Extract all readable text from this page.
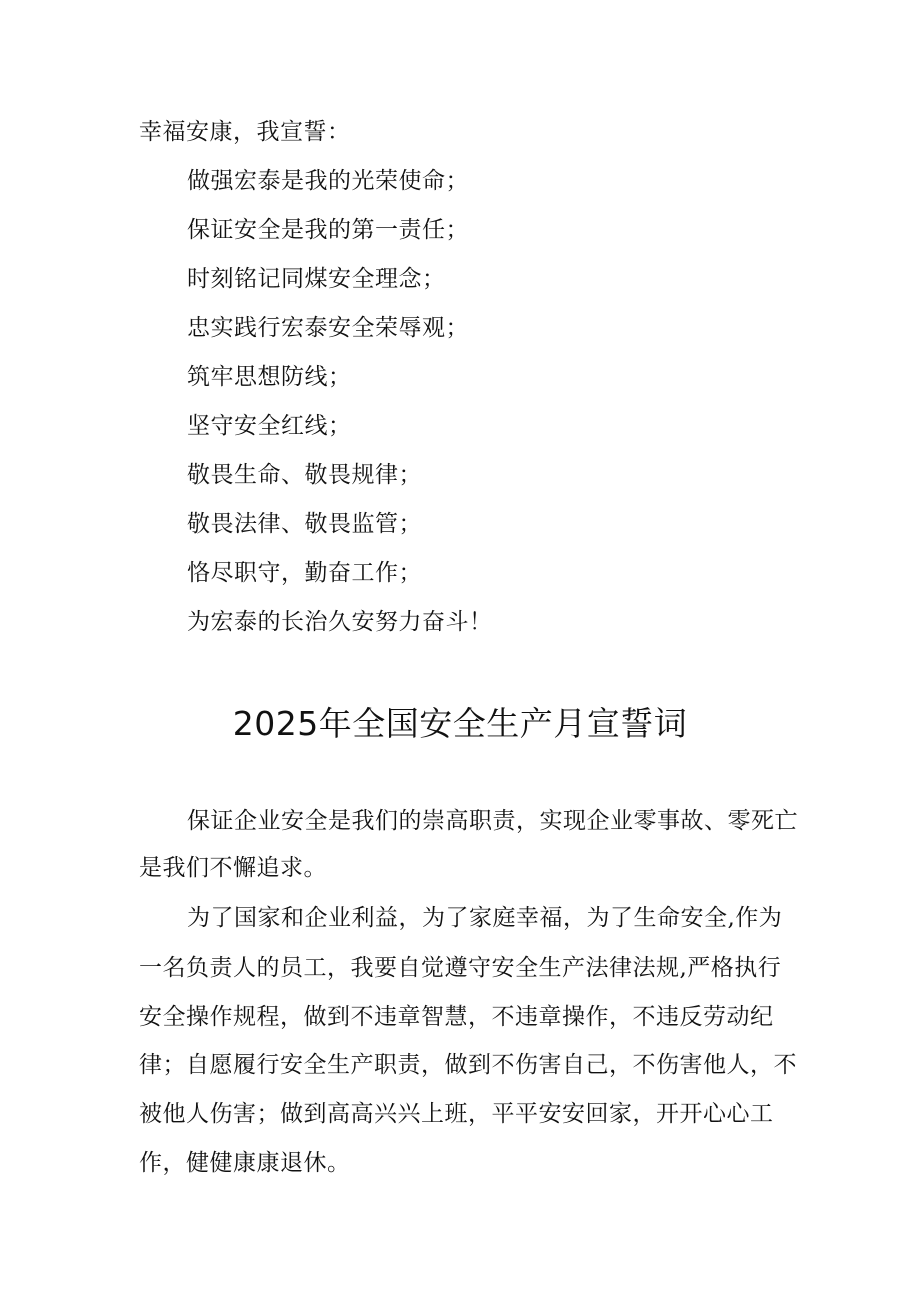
幸福安康，我宣誓：
做强宏泰是我的光荣使命；
保证安全是我的第一责任；
时刻铭记同煤安全理念；
忠实践行宏泰安全荣辱观；
筑牢思想防线；
坚守安全红线；
敬畏生命、敬畏规律；
敬畏法律、敬畏监管；
恪尽职守，勤奋工作；
为宏泰的长治久安努力奋斗！
2025年全国安全生产月宣誓词
保证企业安全是我们的崇高职责，实现企业零事故、零死亡
是我们不懈追求。
为了国家和企业利益，为了家庭幸福，为了生命安全,作为
一名负责人的员工，我要自觉遵守安全生产法律法规,严格执行
安全操作规程，做到不违章智慧，不违章操作，不违反劳动纪
律；自愿履行安全生产职责，做到不伤害自己，不伤害他人，不
被他人伤害；做到高高兴兴上班，平平安安回家，开开心心工
作，健健康康退休。
